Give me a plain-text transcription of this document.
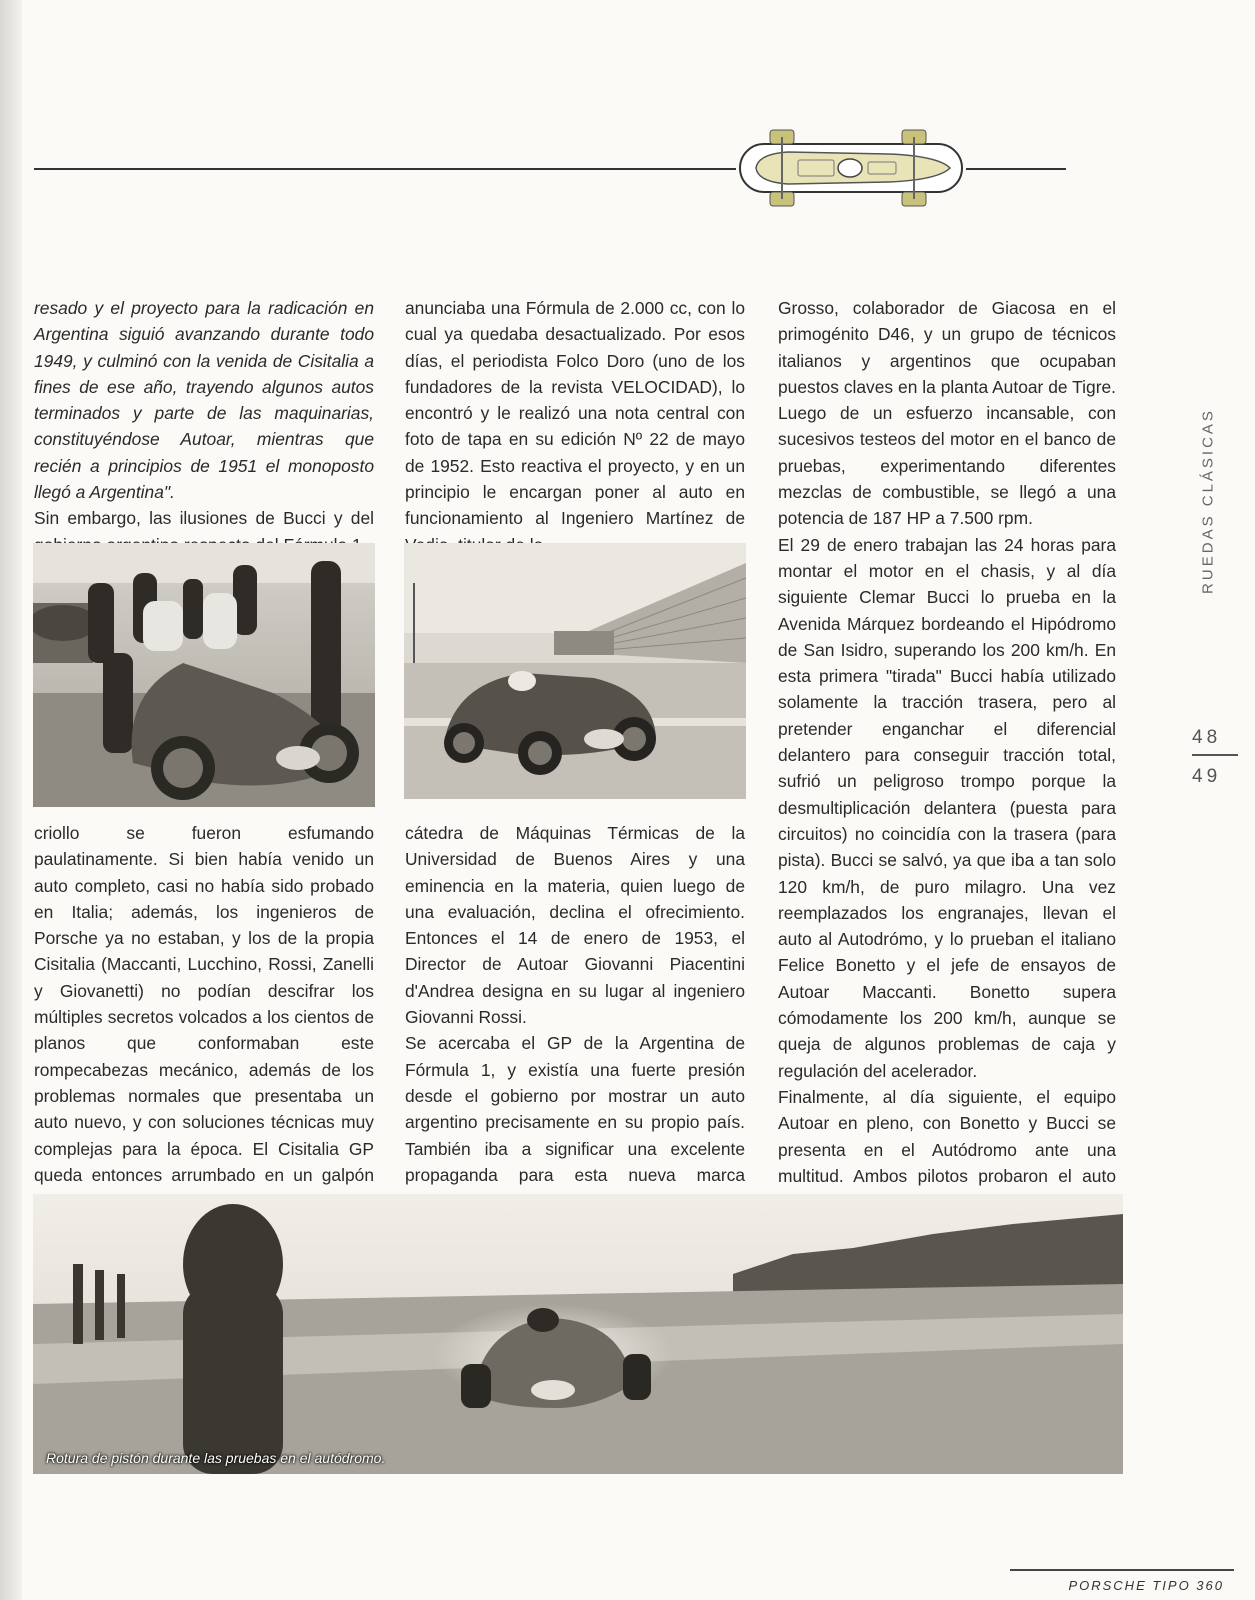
resado y el proyecto para la radicación en Argentina siguió avanzando durante todo 1949, y culminó con la venida de Cisitalia a fines de ese año, trayendo algunos autos terminados y parte de las maquinarias, constituyéndose Autoar, mientras que recién a principios de 1951 el monoposto llegó a Argentina".

Sin embargo, las ilusiones de Bucci y del

criollo se fueron esfumando paulatinamente. Si bien había venido un auto completo, casi no había sido probado en Italia; además, los ingenieros de Porsche ya no estaban, y los de la propia Cisitalia (Maccanti, Lucchino, Rossi, Zanelli y Giovanetti) no podían descifrar los múltiples secretos volcados a los cientos de planos que conformaban este rompecabezas mecánico, además de los problemas normales que presentaba un auto nuevo, y con soluciones técnicas muy complejas para la época. El Cisitalia GP queda entonces arrumbado en un galpón

anunciaba una Fórmula de 2.000 cc, con lo cual ya quedaba desactualizado. Por esos días, el periodista Folco Doro (uno de los fundadores de la revista VELOCIDAD), lo encontró y le realizó una nota central con foto de tapa en su edición Nº 22 de mayo de 1952. Esto reactiva el proyecto, y en un principio le encargan poner al auto en funcionamiento al Ingeniero Martínez de

cátedra de Máquinas Térmicas de la Universidad de Buenos Aires y una eminencia en la materia, quien luego de una evaluación, declina el ofrecimiento. Entonces el 14 de enero de 1953, el Director de Autoar Giovanni Piacentini d'Andrea designa en su lugar al ingeniero Giovanni Rossi.

Se acercaba el GP de la Argentina de Fórmula 1, y existía una fuerte presión desde el gobierno por mostrar un auto argentino precisamente en su propio país. También iba a significar una excelente propaganda para esta nueva marca

Grosso, colaborador de Giacosa en el primogénito D46, y un grupo de técnicos italianos y argentinos que ocupaban puestos claves en la planta Autoar de Tigre. Luego de un esfuerzo incansable, con sucesivos testeos del motor en el banco de pruebas, experimentando diferentes mezclas de combustible, se llegó a una potencia de 187 HP a 7.500 rpm.

El 29 de enero trabajan las 24 horas para montar el motor en el chasis, y al día siguiente Clemar Bucci lo prueba en la Avenida Márquez bordeando el Hipódromo de San Isidro, superando los 200 km/h. En esta primera "tirada" Bucci había utilizado solamente la tracción trasera, pero al pretender enganchar el diferencial delantero para conseguir tracción total, sufrió un peligroso trompo porque la desmultiplicación delantera (puesta para circuitos) no coincidía con la trasera (para pista). Bucci se salvó, ya que iba a tan solo 120 km/h, de puro milagro. Una vez reemplazados los engranajes, llevan el auto al Autodrómo, y lo prueban el italiano Felice Bonetto y el jefe de ensayos de Autoar Maccanti. Bonetto supera cómodamente los 200 km/h, aunque se queja de algunos problemas de caja y regulación del acelerador.

Finalmente, al día siguiente, el equipo Autoar en pleno, con Bonetto y Bucci se presenta en el Autódromo ante una multitud. Ambos pilotos probaron el auto

RUEDAS CLÁSICAS
48
49
Rotura de pistón durante las pruebas en el autódromo.
PORSCHE TIPO 360
